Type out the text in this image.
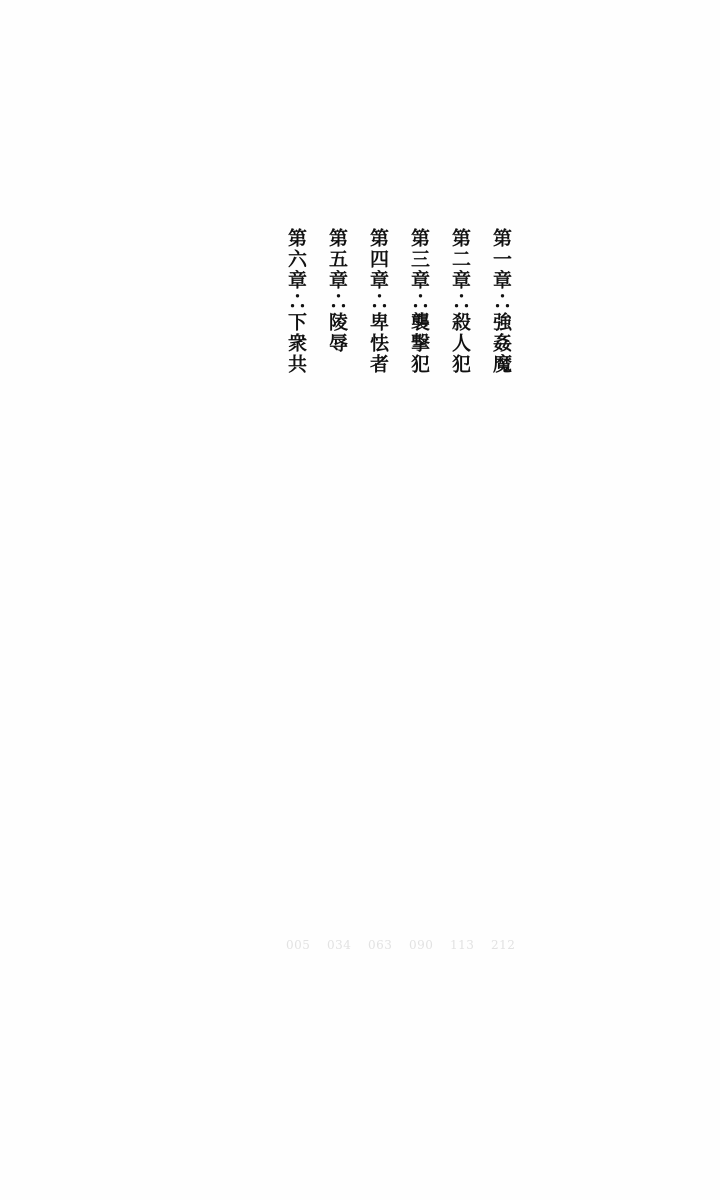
第一章∴強姦魔
第二章∴殺人犯
第三章∴襲撃犯
第四章∴卑怯者
第五章∴陵辱
第六章∴下衆共
212
113
090
063
034
005
